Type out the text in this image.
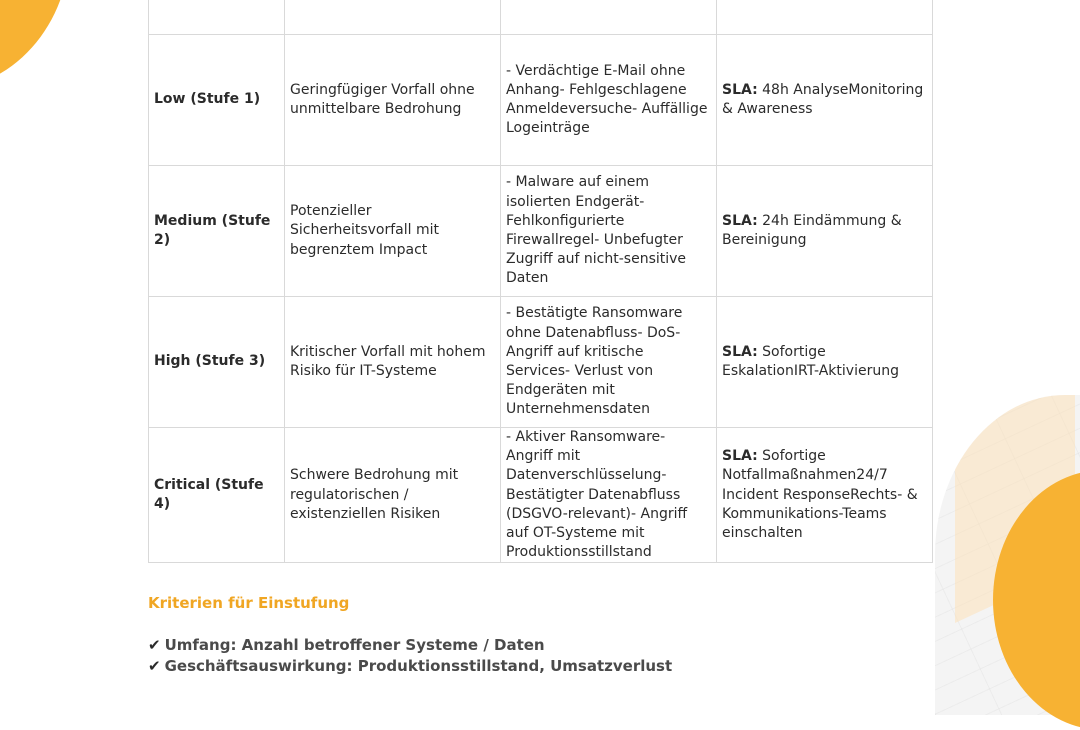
Low (Stufe 1)	Geringfügiger Vorfall ohne unmittelbare Bedrohung	- Verdächtige E-Mail ohne Anhang- Fehlgeschlagene Anmeldeversuche- Auffällige Logeinträge	SLA: 48h AnalyseMonitoring & Awareness
Medium (Stufe 2)	Potenzieller Sicherheitsvorfall mit begrenztem Impact	- Malware auf einem isolierten Endgerät- Fehlkonfigurierte Firewallregel- Unbefugter Zugriff auf nicht-sensitive Daten	SLA: 24h Eindämmung & Bereinigung
High (Stufe 3)	Kritischer Vorfall mit hohem Risiko für IT-Systeme	- Bestätigte Ransomware ohne Datenabfluss- DoS-Angriff auf kritische Services- Verlust von Endgeräten mit Unternehmensdaten	SLA: Sofortige EskalationIRT-Aktivierung
Critical (Stufe 4)	Schwere Bedrohung mit regulatorischen / existenziellen Risiken	- Aktiver Ransomware-Angriff mit Datenverschlüsselung- Bestätigter Datenabfluss (DSGVO-relevant)- Angriff auf OT-Systeme mit Produktionsstillstand	SLA: Sofortige Notfallmaßnahmen24/7 Incident ResponseRechts- & Kommunikations-Teams einschalten
Kriterien für Einstufung
✔ Umfang: Anzahl betroffener Systeme / Daten
✔ Geschäftsauswirkung: Produktionsstillstand, Umsatzverlust
